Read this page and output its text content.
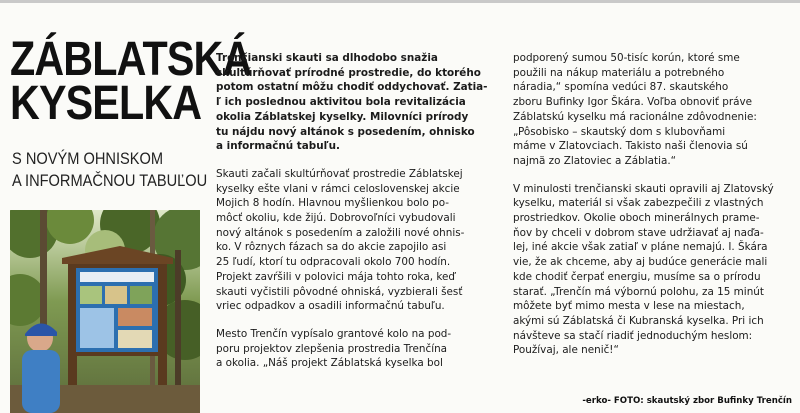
ZÁBLATSKÁ
KYSELKA
S NOVÝM OHNISKOM
A INFORMAČNOU TABUĽOU

Trenčianski skauti sa dlhodobo snažia
skultúrňovať prírodné prostredie, do ktorého
potom ostatní môžu chodiť oddychovať. Zatia-
ľ ich poslednou aktivitou bola revitalizácia
okolia Záblatskej kyselky. Milovníci prírody
tu nájdu nový altánok s posedením, ohnisko
a informačnú tabuľu.

Skauti začali skultúrňovať prostredie Záblatskej
kyselky ešte vlani v rámci celoslovenskej akcie
Mojich 8 hodín. Hlavnou myšlienkou bolo po-
môcť okoliu, kde žijú. Dobrovoľníci vybudovali
nový altánok s posedením a založili nové ohnis-
ko. V rôznych fázach sa do akcie zapojilo asi
25 ľudí, ktorí tu odpracovali okolo 700 hodín.
Projekt zavŕšili v polovici mája tohto roka, keď
skauti vyčistili pôvodné ohniská, vyzbierali šesť
vriec odpadkov a osadili informačnú tabuľu.

Mesto Trenčín vypísalo grantové kolo na pod-
poru projektov zlepšenia prostredia Trenčína
a okolia. „Náš projekt Záblatská kyselka bol

podporený sumou 50-tisíc korún, ktoré sme
použili na nákup materiálu a potrebného
náradia,“ spomína vedúci 87. skautského
zboru Bufinky Igor Škára. Voľba obnoviť práve
Záblatskú kyselku má racionálne zdôvodnenie:
„Pôsobisko – skautský dom s klubovňami
máme v Zlatovciach. Takisto naši členovia sú
najmä zo Zlatoviec a Záblatia.“

V minulosti trenčianski skauti opravili aj Zlatovský
kyselku, materiál si však zabezpečili z vlastných
prostriedkov. Okolie oboch minerálnych prame-
ňov by chceli v dobrom stave udržiavať aj naďa-
lej, iné akcie však zatiaľ v pláne nemajú. I. Škára
vie, že ak chceme, aby aj budúce generácie mali
kde chodiť čerpať energiu, musíme sa o prírodu
starať. „Trenčín má výbornú polohu, za 15 minút
môžete byť mimo mesta v lese na miestach,
akými sú Záblatská či Kubranská kyselka. Pri ich
návšteve sa stačí riadiť jednoduchým heslom:
Používaj, ale nenič!“

-erko- FOTO: skautský zbor Bufinky Trenčín
